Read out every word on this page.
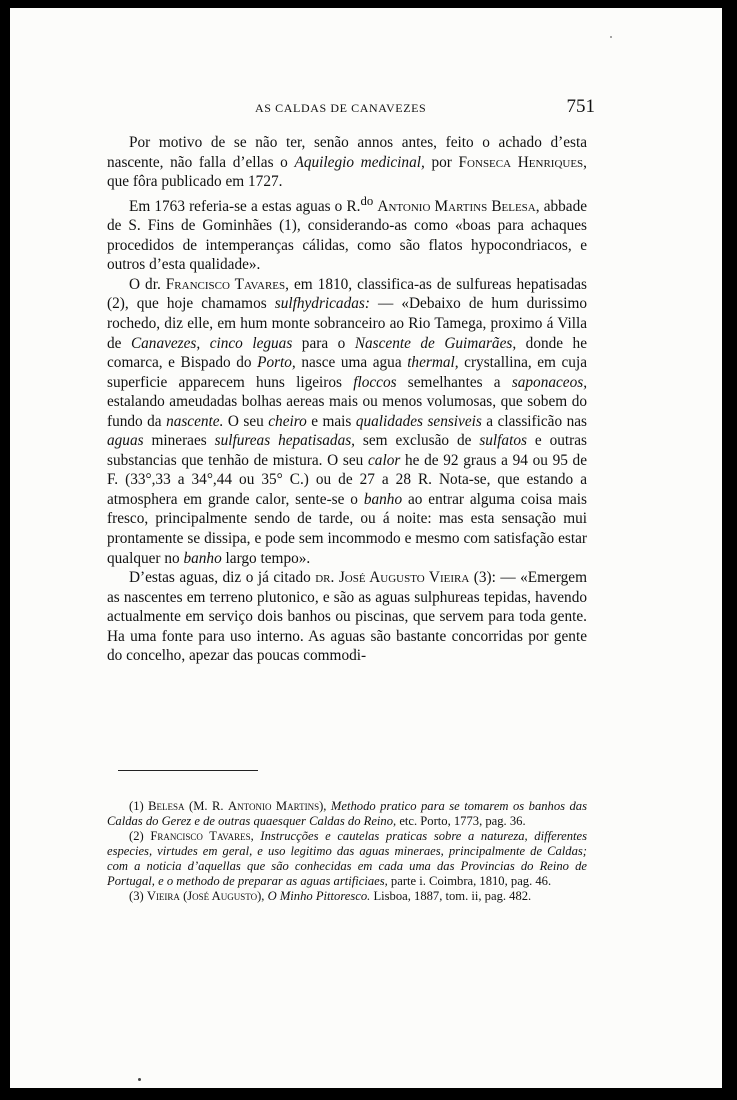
AS CALDAS DE CANAVEZES	751

Por motivo de se não ter, senão annos antes, feito o achado d’esta nascente, não falla d’ellas o Aquilegio medicinal, por Fonseca Henriques, que fôra publicado em 1727.

Em 1763 referia-se a estas aguas o R.$^{do}$ Antonio Martins Belesa, abbade de S. Fins de Gominhães (1), considerando-as como «boas para achaques procedidos de intemperanças cálidas, como são flatos hypocondriacos, e outros d’esta qualidade».

O dr. Francisco Tavares, em 1810, classifica-as de sulfureas hepatisadas (2), que hoje chamamos sulfhydricadas: — «Debaixo de hum durissimo rochedo, diz elle, em hum monte sobranceiro ao Rio Tamega, proximo á Villa de Canavezes, cinco leguas para o Nascente de Guimarães, donde he comarca, e Bispado do Porto, nasce uma agua thermal, crystallina, em cuja superficie apparecem huns ligeiros floccos semelhantes a saponaceos, estalando ameudadas bolhas aereas mais ou menos volumosas, que sobem do fundo da nascente. O seu cheiro e mais qualidades sensiveis a classificão nas aguas mineraes sulfureas hepatisadas, sem exclusão de sulfatos e outras substancias que tenhão de mistura. O seu calor he de 92 graus a 94 ou 95 de F. (33°,33 a 34°,44 ou 35° C.) ou de 27 a 28 R. Nota-se, que estando a atmosphera em grande calor, sente-se o banho ao entrar alguma coisa mais fresco, principalmente sendo de tarde, ou á noite: mas esta sensação mui prontamente se dissipa, e pode sem incommodo e mesmo com satisfação estar qualquer no banho largo tempo».

D’estas aguas, diz o já citado dr. José Augusto Vieira (3): — «Emergem as nascentes em terreno plutonico, e são as aguas sulphureas tepidas, havendo actualmente em serviço dois banhos ou piscinas, que servem para toda gente. Ha uma fonte para uso interno. As aguas são bastante concorridas por gente do concelho, apezar das poucas commodi-

(1) Belesa (M. R. Antonio Martins), Methodo pratico para se tomarem os banhos das Caldas do Gerez e de outras quaesquer Caldas do Reino, etc. Porto, 1773, pag. 36.

(2) Francisco Tavares, Instrucções e cautelas praticas sobre a natureza, differentes especies, virtudes em geral, e uso legitimo das aguas mineraes, principalmente de Caldas; com a noticia d’aquellas que são conhecidas em cada uma das Provincias do Reino de Portugal, e o methodo de preparar as aguas artificiaes, parte i. Coimbra, 1810, pag. 46.

(3) Vieira (José Augusto), O Minho Pittoresco. Lisboa, 1887, tom. ii, pag. 482.
